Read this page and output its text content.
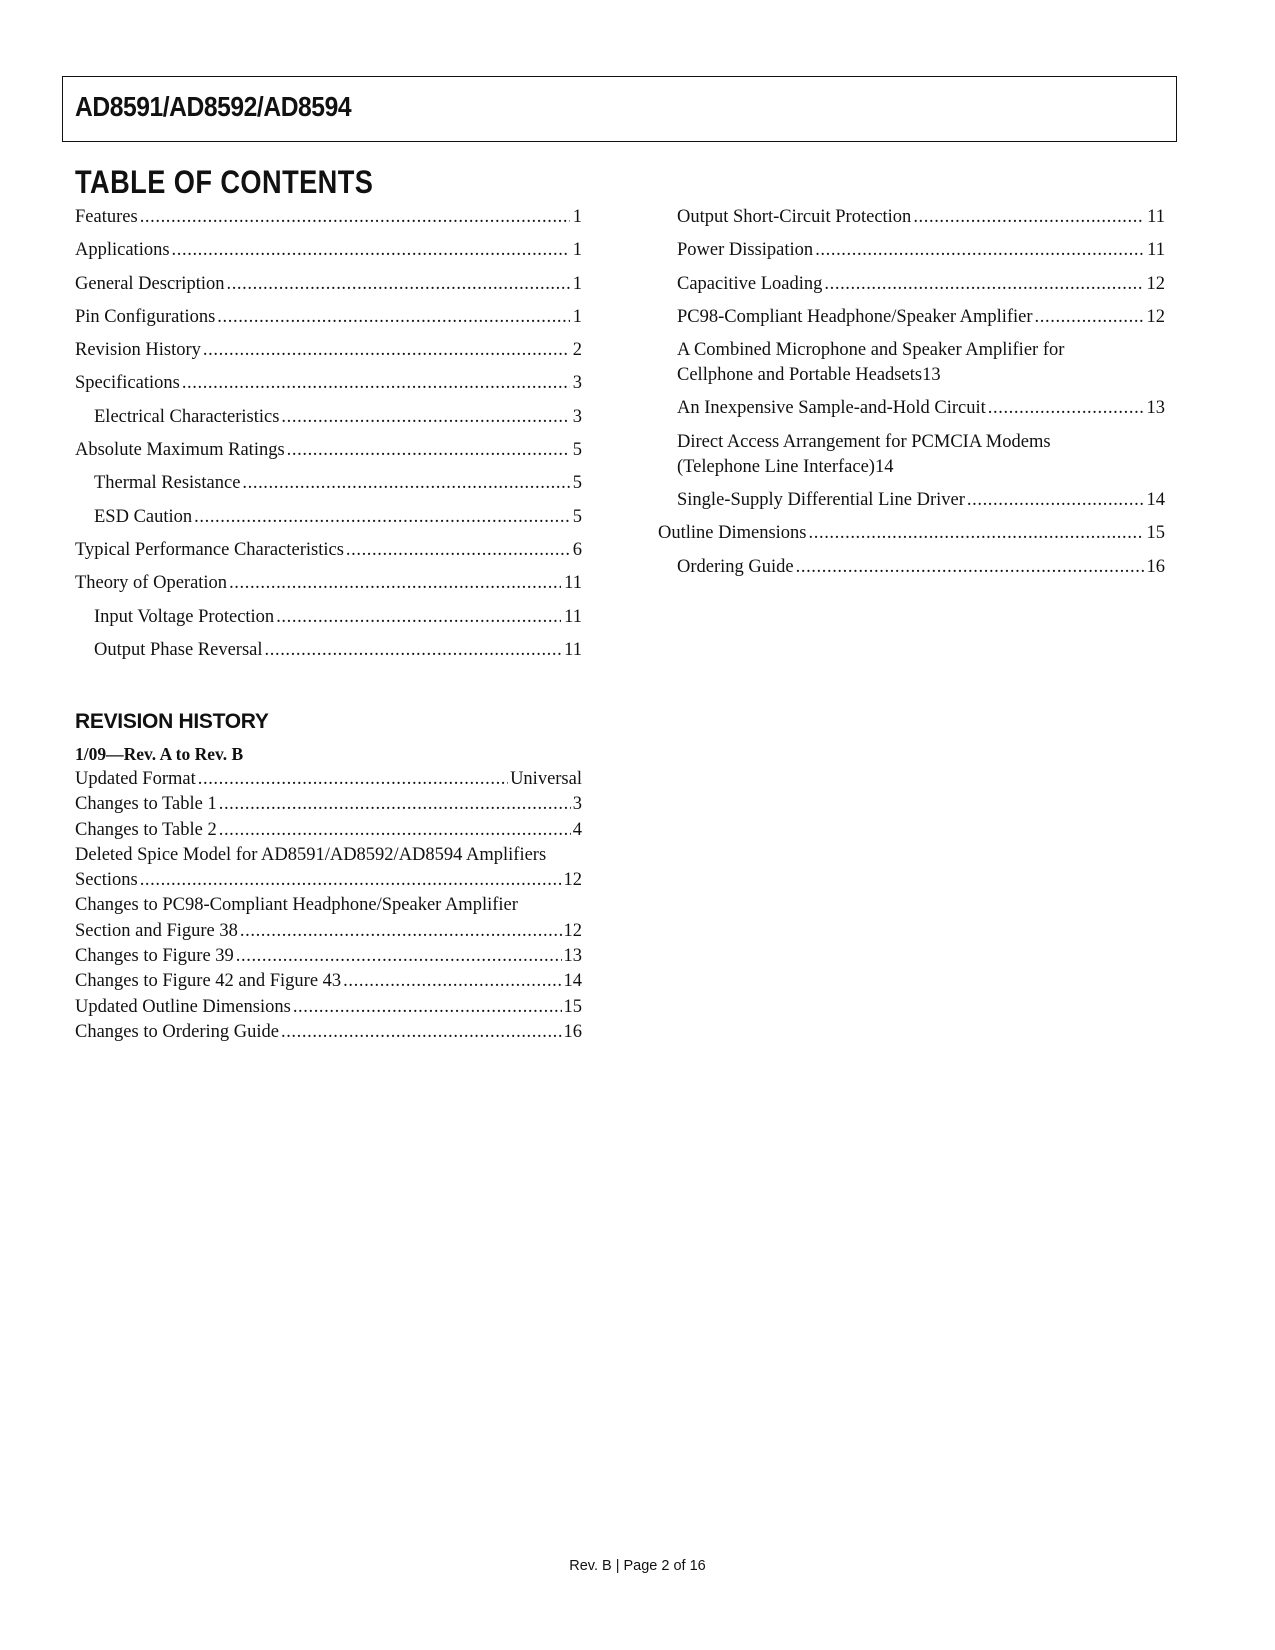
AD8591/AD8592/AD8594
TABLE OF CONTENTS
Features .....	1
Applications .....	1
General Description .....	1
Pin Configurations .....	1
Revision History .....	2
Specifications .....	3
Electrical Characteristics .....	3
Absolute Maximum Ratings .....	5
Thermal Resistance .....	5
ESD Caution .....	5
Typical Performance Characteristics .....	6
Theory of Operation .....	11
Input Voltage Protection .....	11
Output Phase Reversal .....	11
Output Short-Circuit Protection .....	11
Power Dissipation .....	11
Capacitive Loading .....	12
PC98-Compliant Headphone/Speaker Amplifier .....	12
A Combined Microphone and Speaker Amplifier for
Cellphone and Portable Headsets 13
An Inexpensive Sample-and-Hold Circuit .....	13
Direct Access Arrangement for PCMCIA Modems
(Telephone Line Interface) 14
Single-Supply Differential Line Driver .....	14
Outline Dimensions .....	15
Ordering Guide .....	16
REVISION HISTORY
1/09—Rev. A to Rev. B
Updated Format .....	Universal
Changes to Table 1 .....	3
Changes to Table 2 .....	4
Deleted Spice Model for AD8591/AD8592/AD8594 Amplifiers
Sections .....	12
Changes to PC98-Compliant Headphone/Speaker Amplifier
Section and Figure 38 .....	12
Changes to Figure 39 .....	13
Changes to Figure 42 and Figure 43 .....	14
Updated Outline Dimensions .....	15
Changes to Ordering Guide .....	16
Rev. B | Page 2 of 16
